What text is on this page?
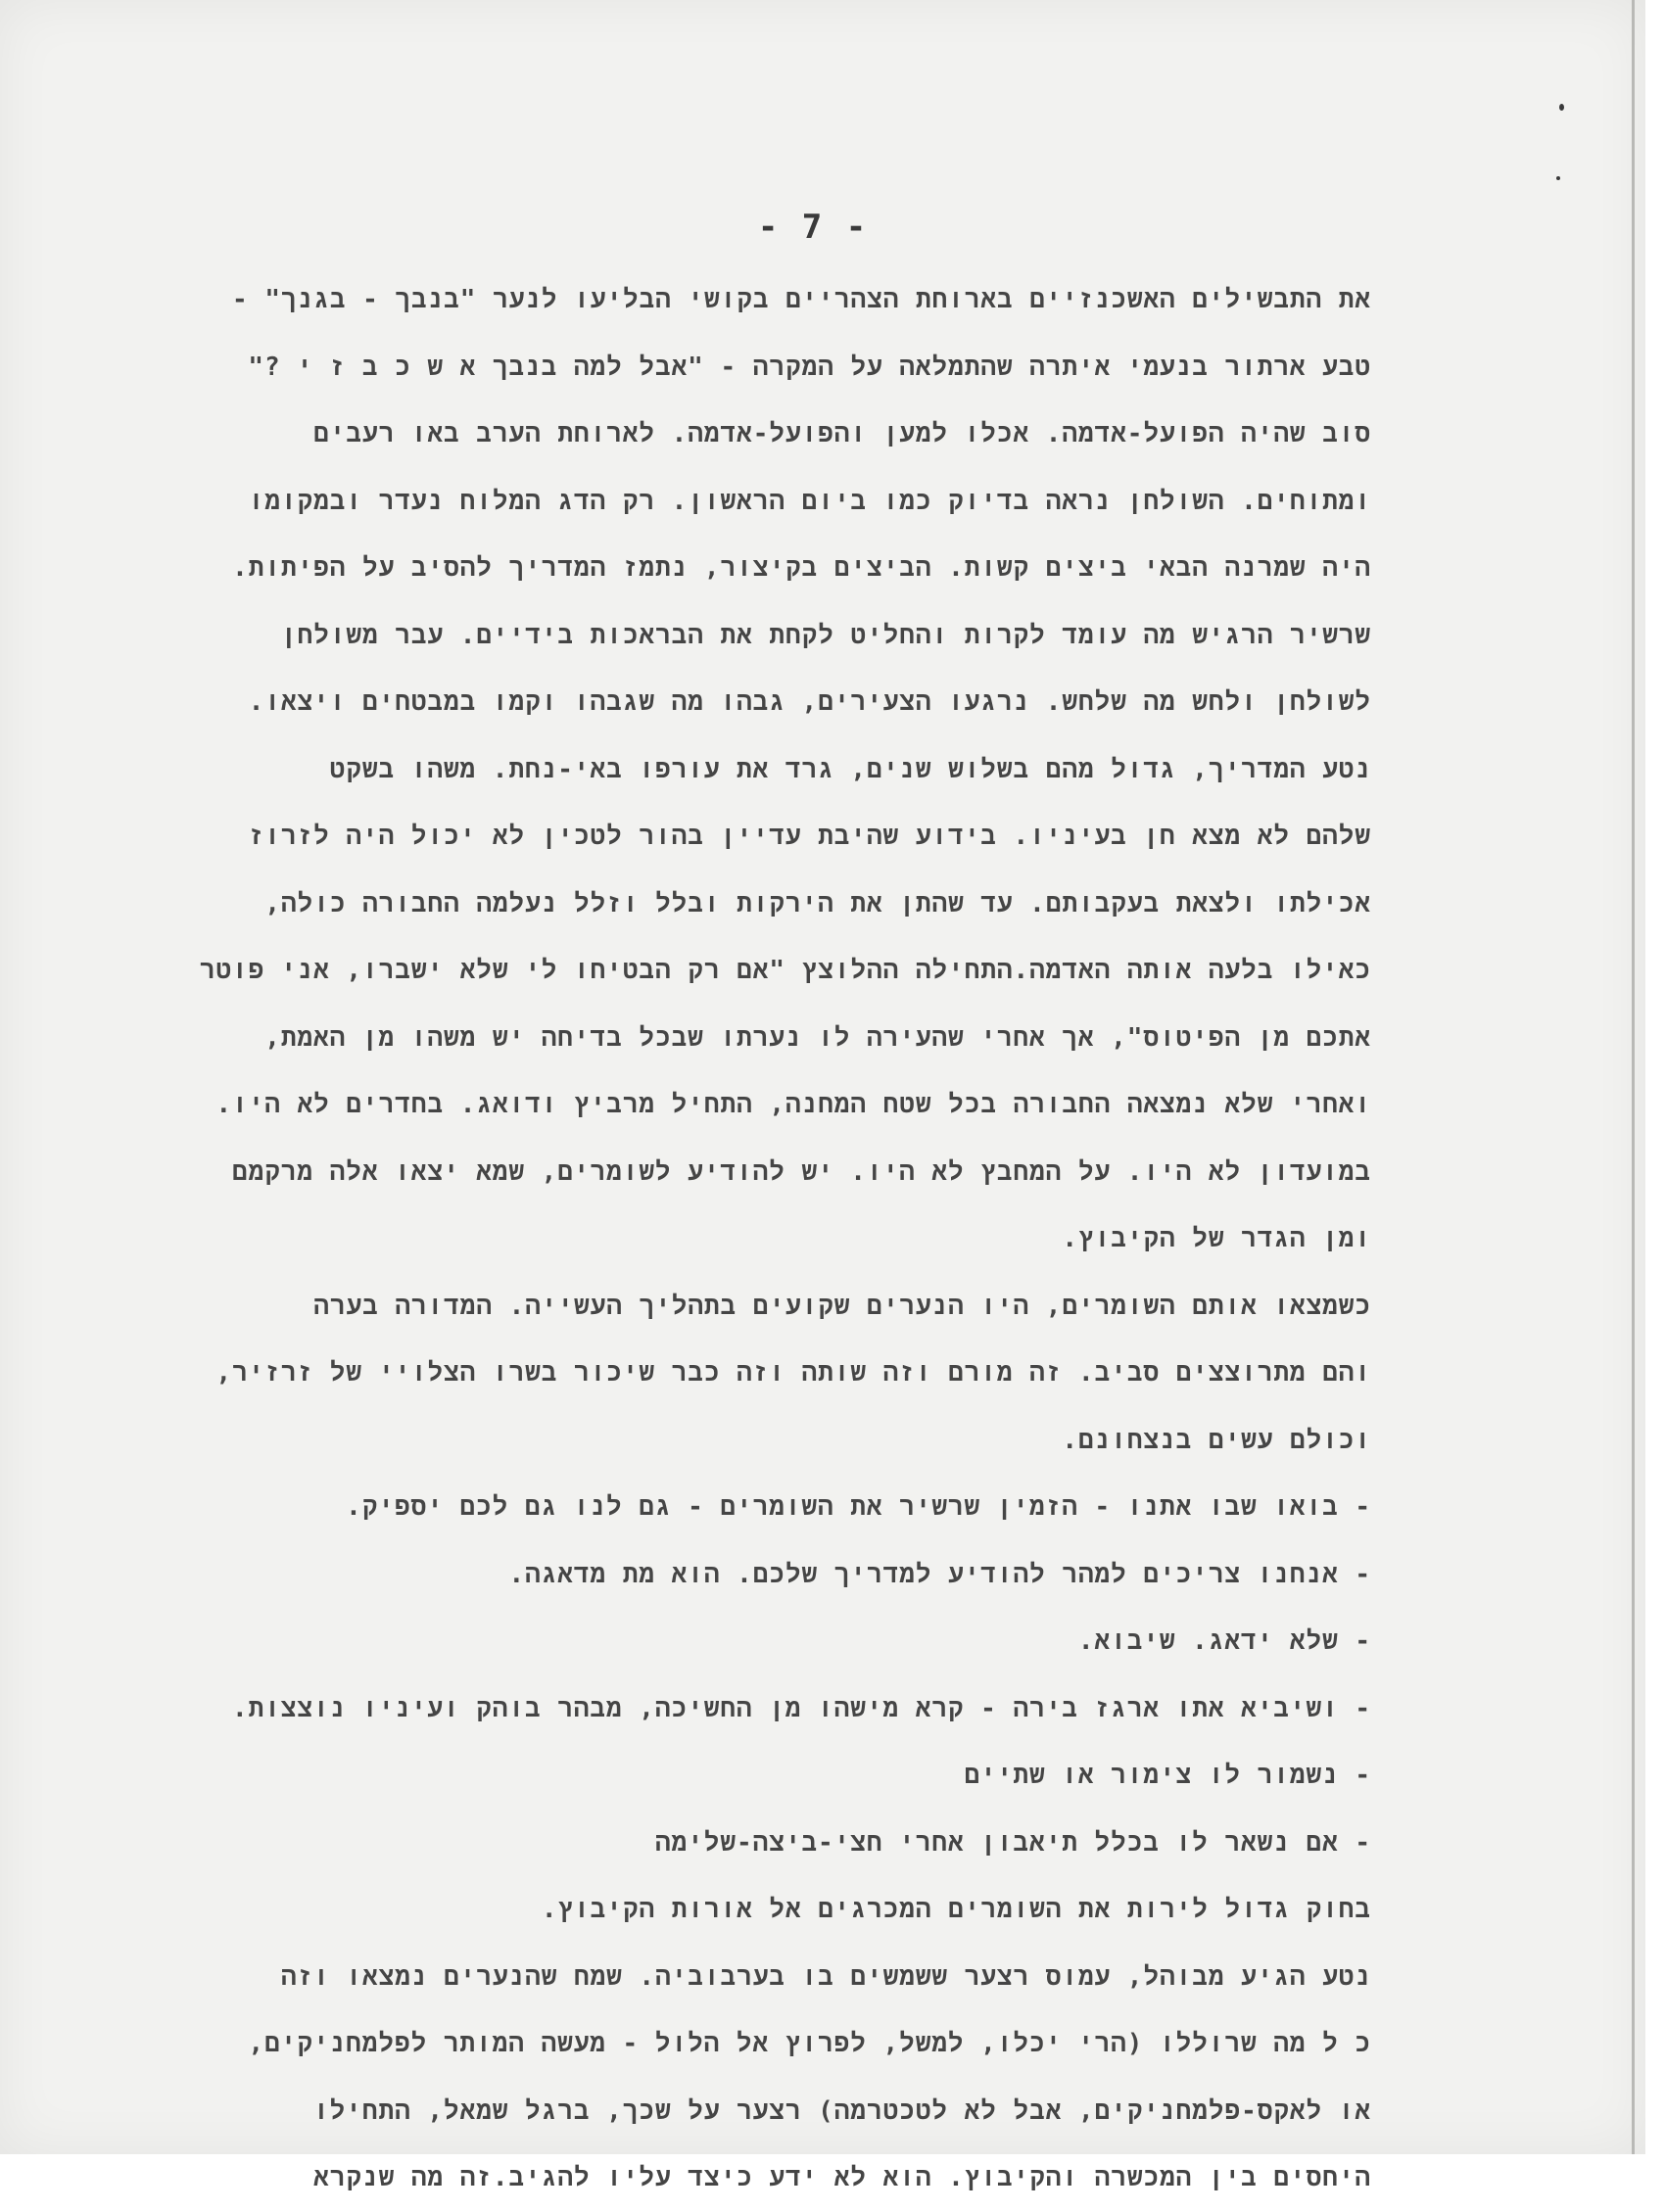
- 7 -
את התבשילים האשכנזיים בארוחת הצהריים בקושי הבליעו לנער "בנבך - בגנך" -
טבע ארתור בנעמי איתרה שהתמלאה על המקרה - "אבל למה בנבך א ש כ ב ז י ?"
סוב שהיה הפועל-אדמה. אכלו למען והפועל-אדמה. לארוחת הערב באו רעבים
ומתוחים. השולחן נראה בדיוק כמו ביום הראשון. רק הדג המלוח נעדר ובמקומו
היה שמרנה הבאי ביצים קשות. הביצים בקיצור, נתמז המדריך להסיב על הפיתות.
שרשיר הרגיש מה עומד לקרות והחליט לקחת את הבראכות בידיים. עבר משולחן
לשולחן ולחש מה שלחש. נרגעו הצעירים, גבהו מה שגבהו וקמו במבטחים ויצאו.
נטע המדריך, גדול מהם בשלוש שנים, גרד את עורפו באי-נחת. משהו בשקט
שלהם לא מצא חן בעיניו. בידוע שהיבת עדיין בהור לטכין לא יכול היה לזרוז
אכילתו ולצאת בעקבותם. עד שהתן את הירקות ובלל וזלל נעלמה החבורה כולה,
כאילו בלעה אותה האדמה.התחילה ההלוצץ "אם רק הבטיחו לי שלא ישברו, אני פוטר
אתכם מן הפיטוס", אך אחרי שהעירה לו נערתו שבכל בדיחה יש משהו מן האמת,
ואחרי שלא נמצאה החבורה בכל שטח המחנה, התחיל מרביץ ודואג. בחדרים לא היו.
במועדון לא היו. על המחבץ לא היו. יש להודיע לשומרים, שמא יצאו אלה מרקמם
ומן הגדר של הקיבוץ.
כשמצאו אותם השומרים, היו הנערים שקועים בתהליך העשייה. המדורה בערה
והם מתרוצצים סביב. זה מורם וזה שותה וזה כבר שיכור בשרו הצלויי של זרזיר,
וכולם עשים בנצחונם.
- בואו שבו אתנו - הזמין שרשיר את השומרים - גם לנו גם לכם יספיק.
- אנחנו צריכים למהר להודיע למדריך שלכם. הוא מת מדאגה.
- שלא ידאג. שיבוא.
- ושיביא אתו ארגז בירה - קרא מישהו מן החשיכה, מבהר בוהק ועיניו נוצצות.
- נשמור לו צימור או שתיים
- אם נשאר לו בכלל תיאבון אחרי חצי-ביצה-שלימה
בחוק גדול לירות את השומרים המכרגים אל אורות הקיבוץ.
נטע הגיע מבוהל, עמוס רצער ששמשים בו בערבוביה. שמח שהנערים נמצאו וזה
כ ל מה שרוללו (הרי יכלו, למשל, לפרוץ אל הלול - מעשה המותר לפלמחניקים,
או לאקס-פלמחניקים, אבל לא לטכטרמה) רצער על שכך, ברגל שמאל, התחילו
היחסים בין המכשרה והקיבוץ. הוא לא ידע כיצד עליו להגיב.זה מה שנקרא
